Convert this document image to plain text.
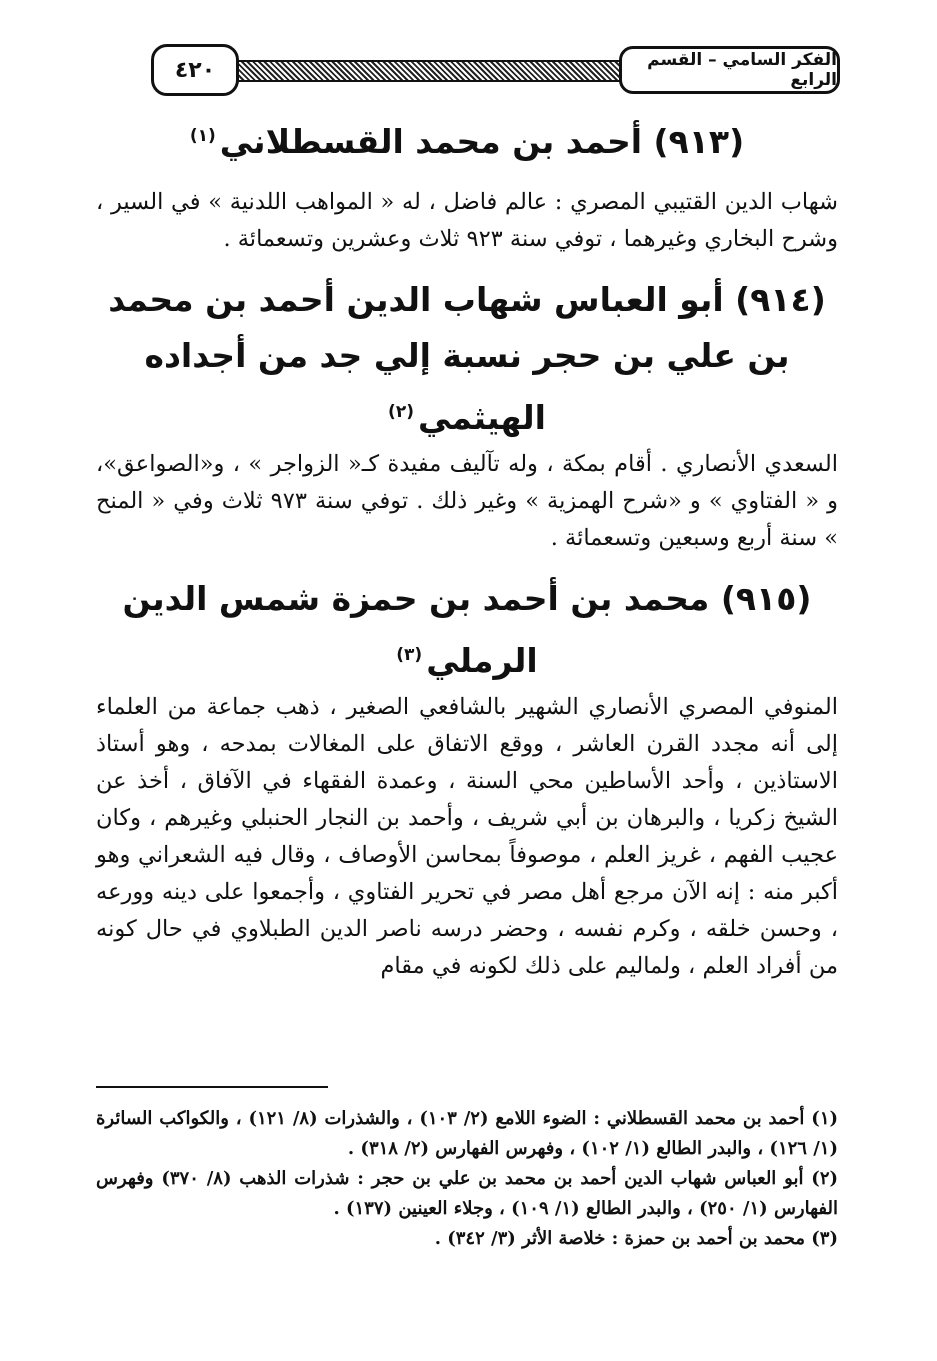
الفكر السامي – القسم الرابع
٤٢٠
(٩١٣) أحمد بن محمد القسطلاني$^{(١)}$

شهاب الدين القتيبي المصري : عالم فاضل ، له « المواهب اللدنية » في السير ، وشرح البخاري وغيرهما ، توفي سنة ٩٢٣ ثلاث وعشرين وتسعمائة .

(٩١٤) أبو العباس شهاب الدين أحمد بن محمد بن علي بن حجر نسبة إلي جد من أجداده الهيثمي$^{(٢)}$

السعدي الأنصاري . أقام بمكة ، وله تآليف مفيدة كـ« الزواجر » ، و«الصواعق»، و « الفتاوي » و «شرح الهمزية » وغير ذلك . توفي سنة ٩٧٣ ثلاث وفي « المنح » سنة أربع وسبعين وتسعمائة .

(٩١٥) محمد بن أحمد بن حمزة شمس الدين الرملي$^{(٣)}$

المنوفي المصري الأنصاري الشهير بالشافعي الصغير ، ذهب جماعة من العلماء إلى أنه مجدد القرن العاشر ، ووقع الاتفاق على المغالات بمدحه ، وهو أستاذ الاستاذين ، وأحد الأساطين محي السنة ، وعمدة الفقهاء في الآفاق ، أخذ عن الشيخ زكريا ، والبرهان بن أبي شريف ، وأحمد بن النجار الحنبلي وغيرهم ، وكان عجيب الفهم ، غريز العلم ، موصوفاً بمحاسن الأوصاف ، وقال فيه الشعراني وهو أكبر منه : إنه الآن مرجع أهل مصر في تحرير الفتاوي ، وأجمعوا على دينه وورعه ، وحسن خلقه ، وكرم نفسه ، وحضر درسه ناصر الدين الطبلاوي في حال كونه من أفراد العلم ، ولماليم على ذلك لكونه في مقام

(١) أحمد بن محمد القسطلاني : الضوء اللامع (٢/ ١٠٣) ، والشذرات (٨/ ١٢١) ، والكواكب السائرة (١/ ١٢٦) ، والبدر الطالع (١/ ١٠٢) ، وفهرس الفهارس (٢/ ٣١٨) .

(٢) أبو العباس شهاب الدين أحمد بن محمد بن علي بن حجر : شذرات الذهب (٨/ ٣٧٠) وفهرس الفهارس (١/ ٢٥٠) ، والبدر الطالع (١/ ١٠٩) ، وجلاء العينين (١٣٧) .

(٣) محمد بن أحمد بن حمزة : خلاصة الأثر (٣/ ٣٤٢) .
